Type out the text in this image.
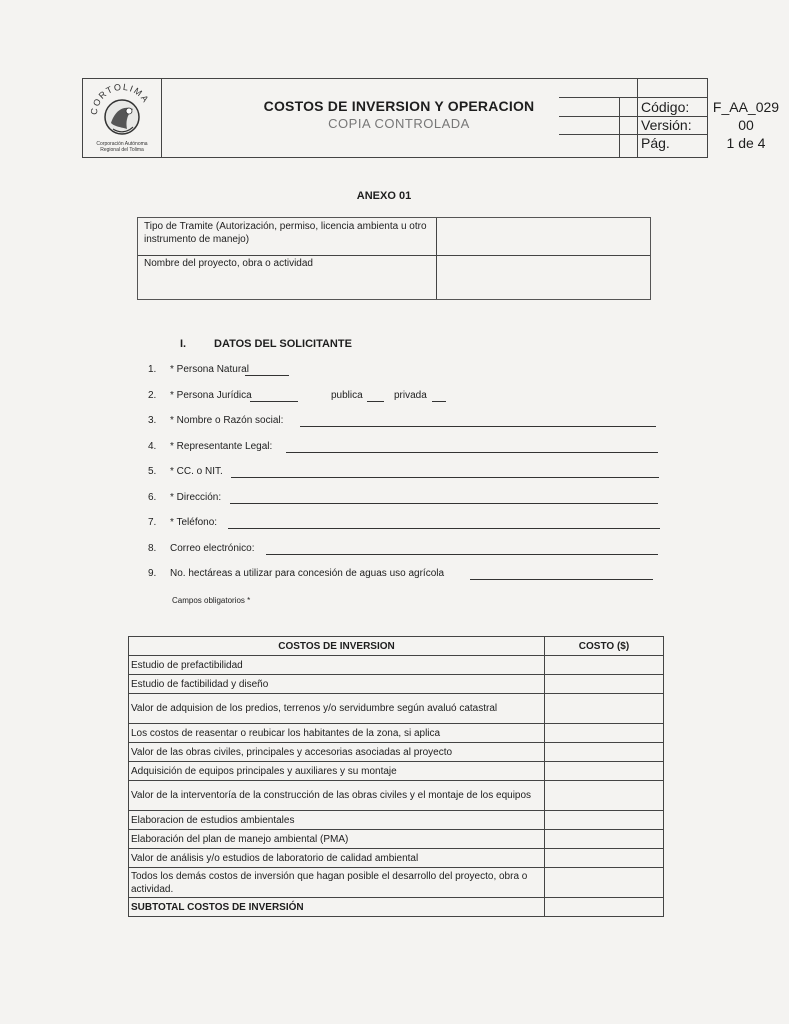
CORTOLIMA
Corporación Autónoma
Regional del Tolima
COSTOS DE INVERSION Y OPERACION
COPIA CONTROLADA
Código:	F_AA_029
Versión:	00
Pág.	1 de 4
ANEXO 01
Tipo de Tramite (Autorización, permiso, licencia ambienta u otro instrumento de manejo)
Nombre del proyecto, obra o actividad
I.	DATOS DEL SOLICITANTE
1. * Persona Natural
2. * Persona Jurídica	publica	privada
3. * Nombre o Razón social:
4. * Representante Legal:
5. * CC. o NIT.
6. * Dirección:
7. * Teléfono:
8. Correo electrónico:
9. No. hectáreas a utilizar para concesión de aguas uso agrícola
Campos obligatorios *
COSTOS DE INVERSION	COSTO ($)
Estudio de prefactibilidad	
Estudio de factibilidad y diseño	
Valor de adquision de los predios, terrenos y/o servidumbre según avaluó catastral	
Los costos de reasentar o reubicar los habitantes de la zona, si aplica	
Valor de las obras civiles, principales y accesorias asociadas al proyecto	
Adquisición de equipos principales y auxiliares y su montaje	
Valor de la interventoría de la construcción de las obras civiles y el montaje de los equipos	
Elaboracion de estudios ambientales	
Elaboración del plan de manejo ambiental (PMA)	
Valor de análisis y/o estudios de laboratorio de calidad ambiental	
Todos los demás costos de inversión que hagan posible el desarrollo del proyecto, obra o actividad.	
SUBTOTAL COSTOS DE INVERSIÓN	
